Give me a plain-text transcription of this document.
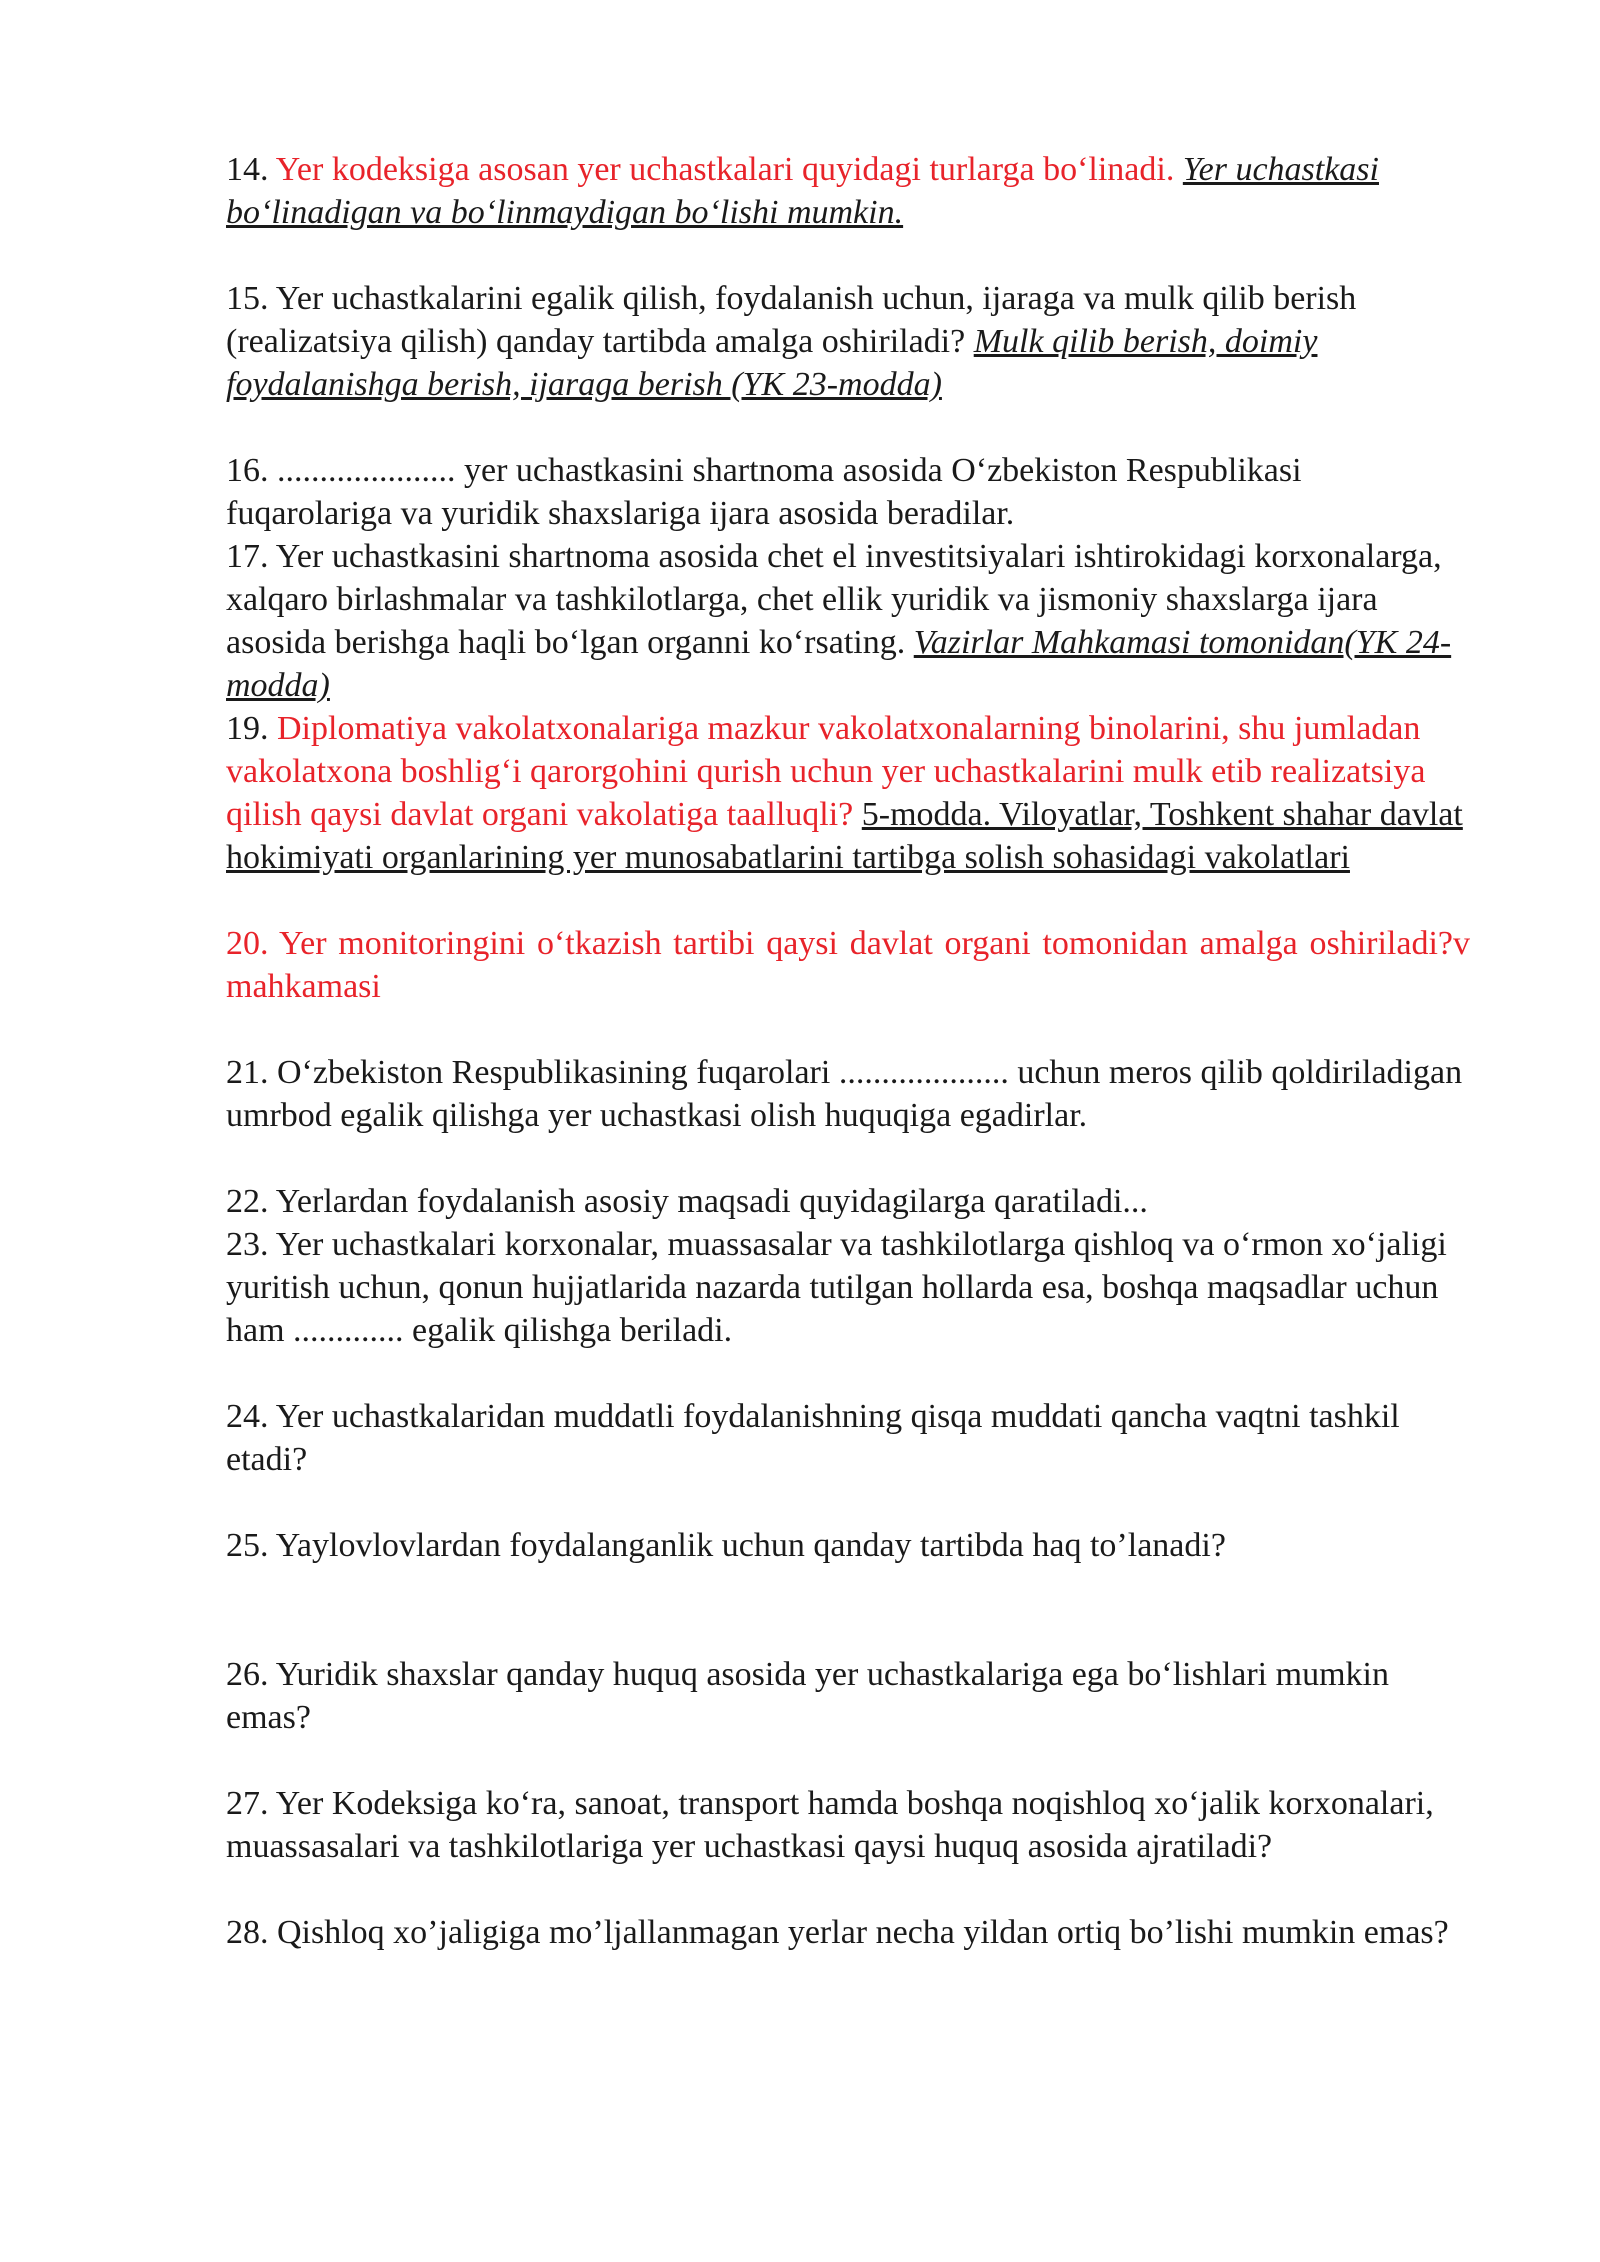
14. Yer kodeksiga asosan yer uchastkalari quyidagi turlarga bo‘linadi. Yer uchastkasi bo‘linadigan va bo‘linmaydigan bo‘lishi mumkin.

15. Yer uchastkalarini egalik qilish, foydalanish uchun, ijaraga va mulk qilib berish (realizatsiya qilish) qanday tartibda amalga oshiriladi? Mulk qilib berish, doimiy foydalanishga berish, ijaraga berish (YK 23-modda)

16. ..................... yer uchastkasini shartnoma asosida O‘zbekiston Respublikasi fuqarolariga va yuridik shaxslariga ijara asosida beradilar.

17. Yer uchastkasini shartnoma asosida chet el investitsiyalari ishtirokidagi korxonalarga, xalqaro birlashmalar va tashkilotlarga, chet ellik yuridik va jismoniy shaxslarga ijara asosida berishga haqli bo‘lgan organni ko‘rsating. Vazirlar Mahkamasi tomonidan(YK 24-modda)

19. Diplomatiya vakolatxonalariga mazkur vakolatxonalarning binolarini, shu jumladan vakolatxona boshlig‘i qarorgohini qurish uchun yer uchastkalarini mulk etib realizatsiya qilish qaysi davlat organi vakolatiga taalluqli? 5-modda. Viloyatlar, Toshkent shahar davlat hokimiyati organlarining yer munosabatlarini tartibga solish sohasidagi vakolatlari

20. Yer monitoringini o‘tkazish tartibi qaysi davlat organi tomonidan amalga oshiriladi?v mahkamasi

21. O‘zbekiston Respublikasining fuqarolari .................... uchun meros qilib qoldiriladigan umrbod egalik qilishga yer uchastkasi olish huquqiga egadirlar.

22. Yerlardan foydalanish asosiy maqsadi quyidagilarga qaratiladi...

23. Yer uchastkalari korxonalar, muassasalar va tashkilotlarga qishloq va o‘rmon xo‘jaligi yuritish uchun, qonun hujjatlarida nazarda tutilgan hollarda esa, boshqa maqsadlar uchun ham ............. egalik qilishga beriladi.

24. Yer uchastkalaridan muddatli foydalanishning qisqa muddati qancha vaqtni tashkil etadi?

25. Yaylovlovlardan foydalanganlik uchun qanday tartibda haq to’lanadi?

26. Yuridik shaxslar qanday huquq asosida yer uchastkalariga ega bo‘lishlari mumkin emas?

27. Yer Kodeksiga ko‘ra, sanoat, transport hamda boshqa noqishloq xo‘jalik korxonalari, muassasalari va tashkilotlariga yer uchastkasi qaysi huquq asosida ajratiladi?

28. Qishloq xo’jaligiga mo’ljallanmagan yerlar necha yildan ortiq bo’lishi mumkin emas?
